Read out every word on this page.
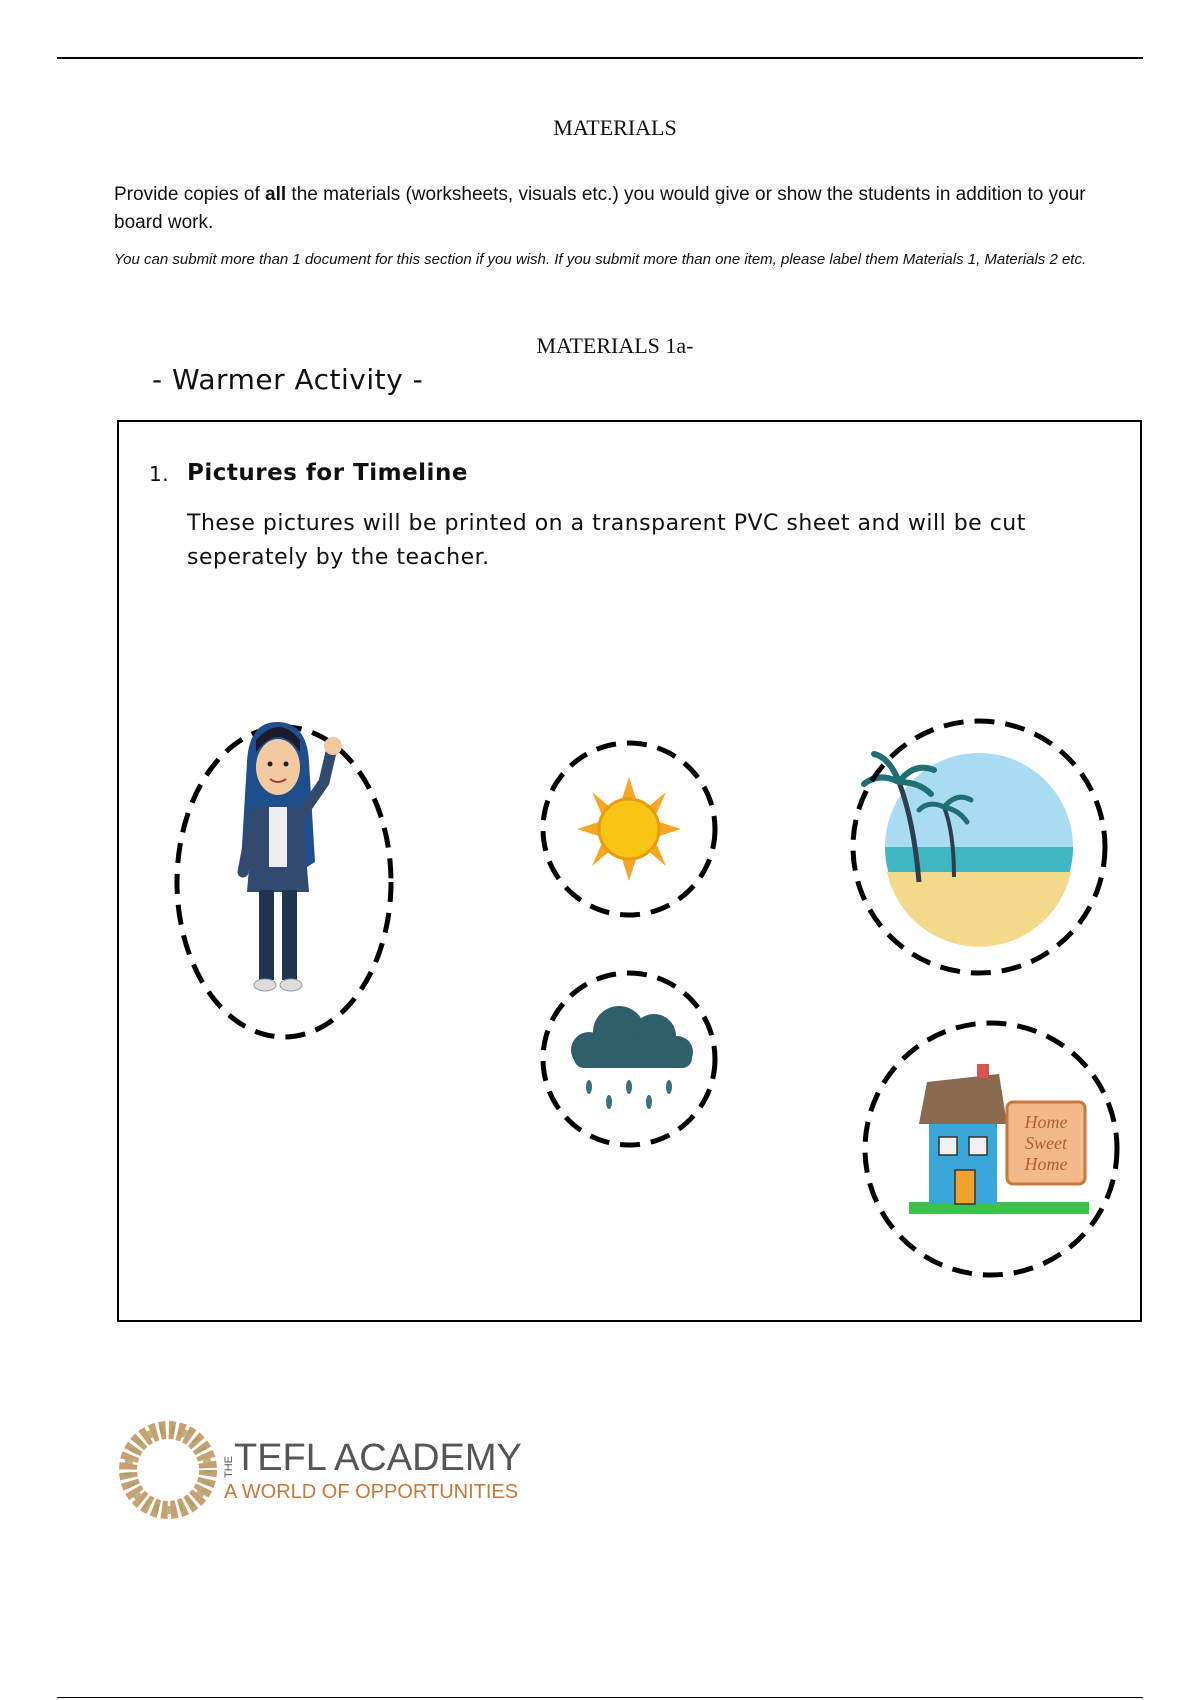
MATERIALS
Provide copies of all the materials (worksheets, visuals etc.) you would give or show the students in addition to your board work.
You can submit more than 1 document for this section if you wish. If you submit more than one item, please label them Materials 1, Materials 2 etc.
MATERIALS 1a-
- Warmer Activity -
1. Pictures for Timeline
These pictures will be printed on a transparent PVC sheet and will be cut seperately by the teacher.
Home
Sweet
Home
THE TEFL ACADEMY
A WORLD OF OPPORTUNITIES
